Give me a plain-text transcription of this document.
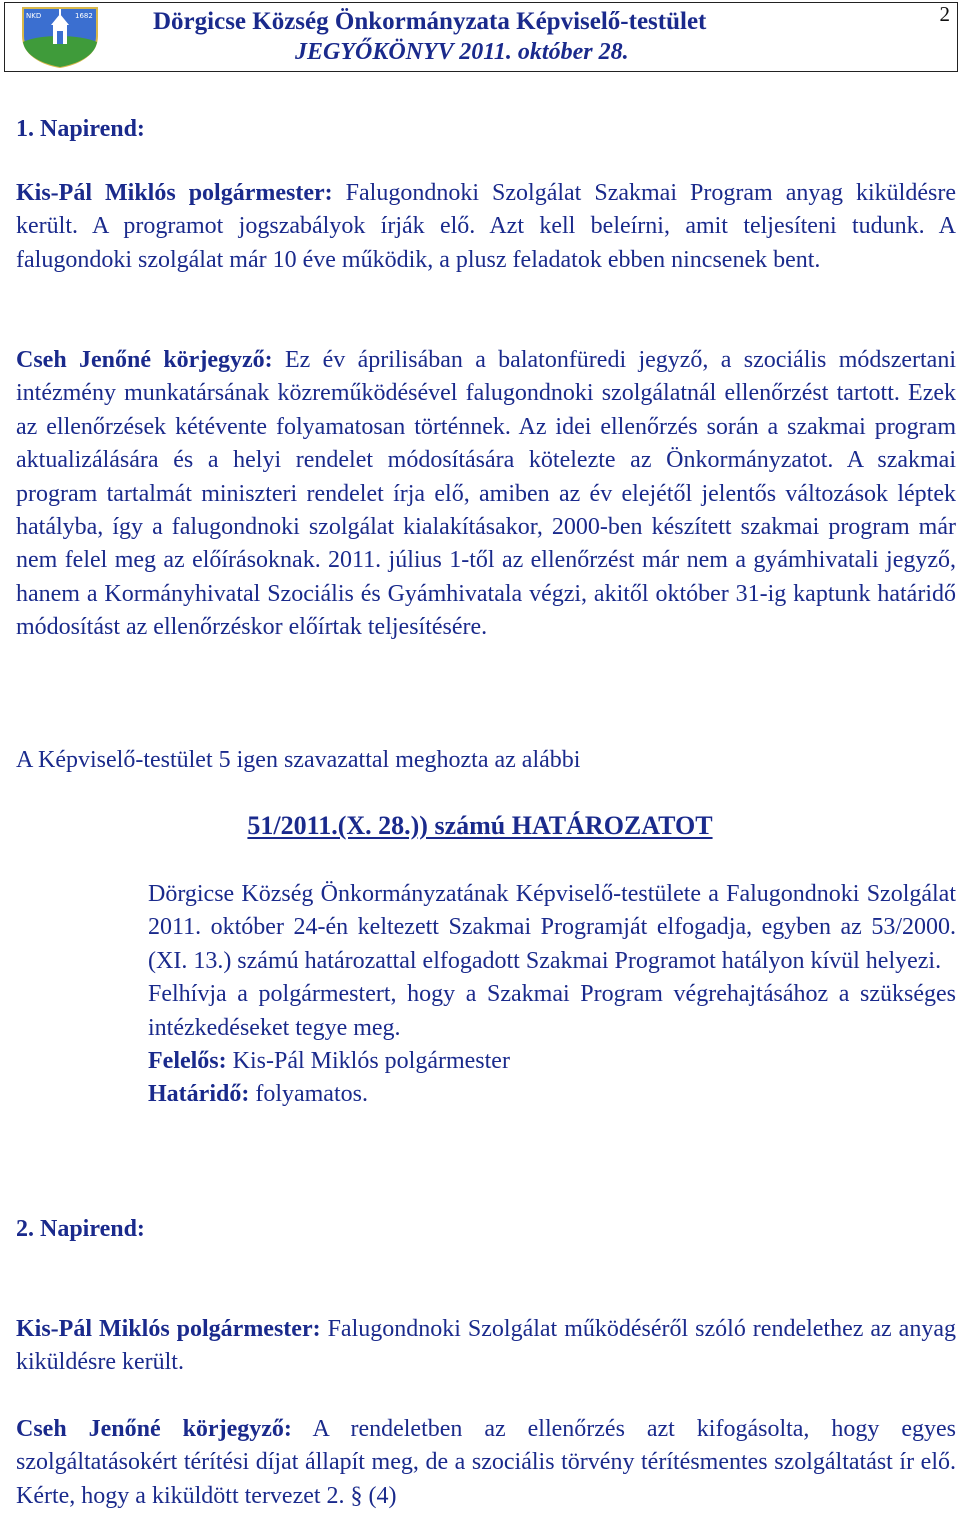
NKD	1682 Dörgicse Község Önkormányzata Képviselő-testület
JEGYŐKÖNYV 2011. október 28.
2
1. Napirend:
Kis-Pál Miklós polgármester: Falugondnoki Szolgálat Szakmai Program anyag kiküldésre került. A programot jogszabályok írják elő. Azt kell beleírni, amit teljesíteni tudunk. A falugondoki szolgálat már 10 éve működik, a plusz feladatok ebben nincsenek bent.
Cseh Jenőné körjegyző: Ez év áprilisában a balatonfüredi jegyző, a szociális módszertani intézmény munkatársának közreműködésével falugondnoki szolgálatnál ellenőrzést tartott. Ezek az ellenőrzések kétévente folyamatosan történnek. Az idei ellenőrzés során a szakmai program aktualizálására és a helyi rendelet módosítására kötelezte az Önkormányzatot. A szakmai program tartalmát miniszteri rendelet írja elő, amiben az év elejétől jelentős változások léptek hatályba, így a falugondnoki szolgálat kialakításakor, 2000-ben készített szakmai program már nem felel meg az előírásoknak. 2011. július 1-től az ellenőrzést már nem a gyámhivatali jegyző, hanem a Kormányhivatal Szociális és Gyámhivatala végzi, akitől október 31-ig kaptunk határidő módosítást az ellenőrzéskor előírtak teljesítésére.
A Képviselő-testület 5 igen szavazattal meghozta az alábbi
51/2011.(X. 28.)) számú HATÁROZATOT

Dörgicse Község Önkormányzatának Képviselő-testülete a Falugondnoki Szolgálat 2011. október 24-én keltezett Szakmai Programját elfogadja, egyben az 53/2000. (XI. 13.) számú határozattal elfogadott Szakmai Programot hatályon kívül helyezi.

Felhívja a polgármestert, hogy a Szakmai Program végrehajtásához a szükséges intézkedéseket tegye meg.

Felelős: Kis-Pál Miklós polgármester

Határidő: folyamatos.

2. Napirend:
Kis-Pál Miklós polgármester: Falugondnoki Szolgálat működéséről szóló rendelethez az anyag kiküldésre került.
Cseh Jenőné körjegyző: A rendeletben az ellenőrzés azt kifogásolta, hogy egyes szolgáltatásokért térítési díjat állapít meg, de a szociális törvény térítésmentes szolgáltatást ír elő. Kérte, hogy a kiküldött tervezet 2. § (4)
